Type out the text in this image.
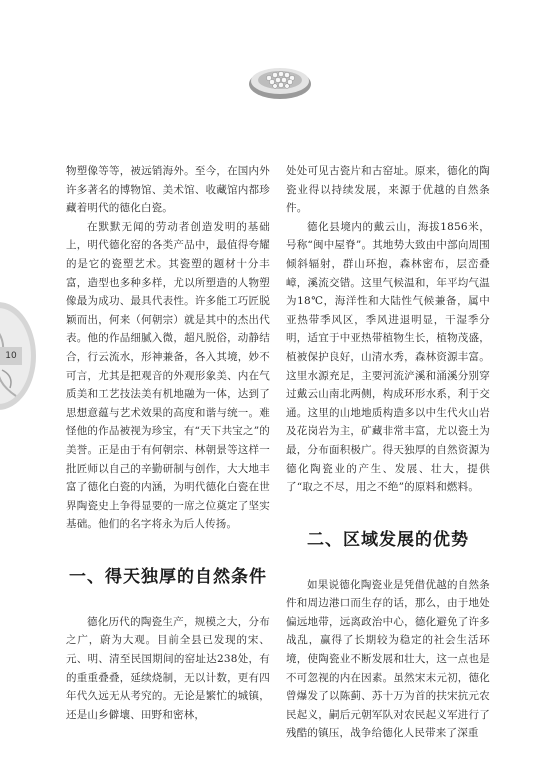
10

物塑像等等，被远销海外。至今，在国内外许多著名的博物馆、美术馆、收藏馆内都珍藏着明代的德化白瓷。

在默默无闻的劳动者创造发明的基础上，明代德化窑的各类产品中，最值得夸耀的是它的瓷塑艺术。其瓷塑的题材十分丰富，造型也多种多样，尤以所塑造的人物塑像最为成功、最具代表性。许多能工巧匠脱颖而出，何来（何朝宗）就是其中的杰出代表。他的作品细腻入微，超凡脱俗，动静结合，行云流水，形神兼备，各入其境，妙不可言，尤其是把观音的外观形象美、内在气质美和工艺技法美有机地融为一体，达到了思想意蕴与艺术效果的高度和谐与统一。难怪他的作品被视为珍宝，有“天下共宝之”的美誉。正是由于有何朝宗、林朝景等这样一批匠师以自己的辛勤研制与创作，大大地丰富了德化白瓷的内涵，为明代德化白瓷在世界陶瓷史上争得显要的一席之位奠定了坚实基础。他们的名字将永为后人传扬。

一、得天独厚的自然条件

德化历代的陶瓷生产，规模之大，分布之广，蔚为大观。目前全县已发现的宋、元、明、清至民国期间的窑址达238处，有的重重叠叠，延续烧制，无以计数，更有四年代久远无从考究的。无论是繁忙的城镇，还是山乡僻壤、田野和密林，

处处可见古瓷片和古窑址。原来，德化的陶瓷业得以持续发展，来源于优越的自然条件。

德化县境内的戴云山，海拔1856米，号称“闽中屋脊”。其地势大致由中部向周围倾斜辐射，群山环抱，森林密布，层峦叠嶂，溪流交错。这里气候温和，年平均气温为18℃，海洋性和大陆性气候兼备，属中亚热带季风区，季风进退明显，干湿季分明，适宜于中亚热带植物生长，植物茂盛，植被保护良好，山清水秀，森林资源丰富。这里水源充足，主要河流浐溪和涌溪分别穿过戴云山南北两侧，构成环形水系，利于交通。这里的山地地质构造多以中生代火山岩及花岗岩为主，矿藏非常丰富，尤以瓷土为最，分布面积极广。得天独厚的自然资源为德化陶瓷业的产生、发展、壮大，提供了“取之不尽，用之不绝”的原料和燃料。

二、区域发展的优势

如果说德化陶瓷业是凭借优越的自然条件和周边港口而生存的话，那么，由于地处偏远地带，远离政治中心，德化避免了许多战乱，赢得了长期较为稳定的社会生活环境，使陶瓷业不断发展和壮大，这一点也是不可忽视的内在因素。虽然宋末元初，德化曾爆发了以陈蓟、苏十万为首的扶宋抗元农民起义，嗣后元朝军队对农民起义军进行了残酷的镇压，战争给德化人民带来了深重
